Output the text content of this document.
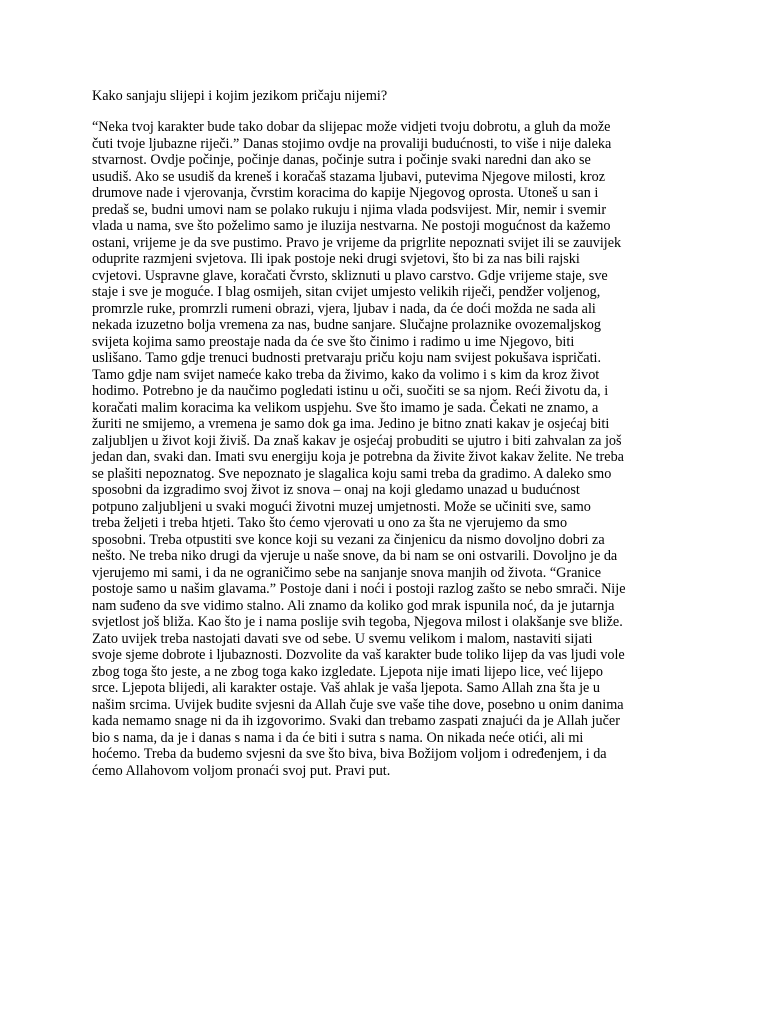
Kako sanjaju slijepi i kojim jezikom pričaju nijemi?

“Neka tvoj karakter bude tako dobar da slijepac može vidjeti tvoju dobrotu, a gluh da može
čuti tvoje ljubazne riječi.” Danas stojimo ovdje na provaliji budućnosti, to više i nije daleka
stvarnost. Ovdje počinje, počinje danas, počinje sutra i počinje svaki naredni dan ako se
usudiš. Ako se usudiš da kreneš i koračaš stazama ljubavi, putevima Njegove milosti, kroz
drumove nade i vjerovanja, čvrstim koracima do kapije Njegovog oprosta. Utoneš u san i
predaš se, budni umovi nam se polako rukuju i njima vlada podsvijest. Mir, nemir i svemir
vlada u nama, sve što poželimo samo je iluzija nestvarna. Ne postoji mogućnost da kažemo
ostani, vrijeme je da sve pustimo. Pravo je vrijeme da prigrlite nepoznati svijet ili se zauvijek
oduprite razmjeni svjetova. Ili ipak postoje neki drugi svjetovi, što bi za nas bili rajski
cvjetovi. Uspravne glave, koračati čvrsto, skliznuti u plavo carstvo. Gdje vrijeme staje, sve
staje i sve je moguće. I blag osmijeh, sitan cvijet umjesto velikih riječi, pendžer voljenog,
promrzle ruke, promrzli rumeni obrazi, vjera, ljubav i nada, da će doći možda ne sada ali
nekada izuzetno bolja vremena za nas, budne sanjare. Slučajne prolaznike ovozemaljskog
svijeta kojima samo preostaje nada da će sve što činimo i radimo u ime Njegovo, biti
uslišano. Tamo gdje trenuci budnosti pretvaraju priču koju nam svijest pokušava ispričati.
Tamo gdje nam svijet nameće kako treba da živimo, kako da volimo i s kim da kroz život
hodimo. Potrebno je da naučimo pogledati istinu u oči, suočiti se sa njom. Reći životu da, i
koračati malim koracima ka velikom uspjehu. Sve što imamo je sada. Čekati ne znamo, a
žuriti ne smijemo, a vremena je samo dok ga ima. Jedino je bitno znati kakav je osjećaj biti
zaljubljen u život koji živiš. Da znaš kakav je osjećaj probuditi se ujutro i biti zahvalan za još
jedan dan, svaki dan. Imati svu energiju koja je potrebna da živite život kakav želite. Ne treba
se plašiti nepoznatog. Sve nepoznato je slagalica koju sami treba da gradimo. A daleko smo
sposobni da izgradimo svoj život iz snova – onaj na koji gledamo unazad u budućnost
potpuno zaljubljeni u svaki mogući životni muzej umjetnosti. Može se učiniti sve, samo
treba željeti i treba htjeti. Tako što ćemo vjerovati u ono za šta ne vjerujemo da smo
sposobni. Treba otpustiti sve konce koji su vezani za činjenicu da nismo dovoljno dobri za
nešto. Ne treba niko drugi da vjeruje u naše snove, da bi nam se oni ostvarili. Dovoljno je da
vjerujemo mi sami, i da ne ograničimo sebe na sanjanje snova manjih od života. “Granice
postoje samo u našim glavama.” Postoje dani i noći i postoji razlog zašto se nebo smrači. Nije
nam suđeno da sve vidimo stalno. Ali znamo da koliko god mrak ispunila noć, da je jutarnja
svjetlost još bliža. Kao što je i nama poslije svih tegoba, Njegova milost i olakšanje sve bliže.
Zato uvijek treba nastojati davati sve od sebe. U svemu velikom i malom, nastaviti sijati
svoje sjeme dobrote i ljubaznosti. Dozvolite da vaš karakter bude toliko lijep da vas ljudi vole
zbog toga što jeste, a ne zbog toga kako izgledate. Ljepota nije imati lijepo lice, već lijepo
srce. Ljepota blijedi, ali karakter ostaje. Vaš ahlak je vaša ljepota. Samo Allah zna šta je u
našim srcima. Uvijek budite svjesni da Allah čuje sve vaše tihe dove, posebno u onim danima
kada nemamo snage ni da ih izgovorimo. Svaki dan trebamo zaspati znajući da je Allah jučer
bio s nama, da je i danas s nama i da će biti i sutra s nama. On nikada neće otići, ali mi
hoćemo. Treba da budemo svjesni da sve što biva, biva Božijom voljom i određenjem, i da
ćemo Allahovom voljom pronaći svoj put. Pravi put.
